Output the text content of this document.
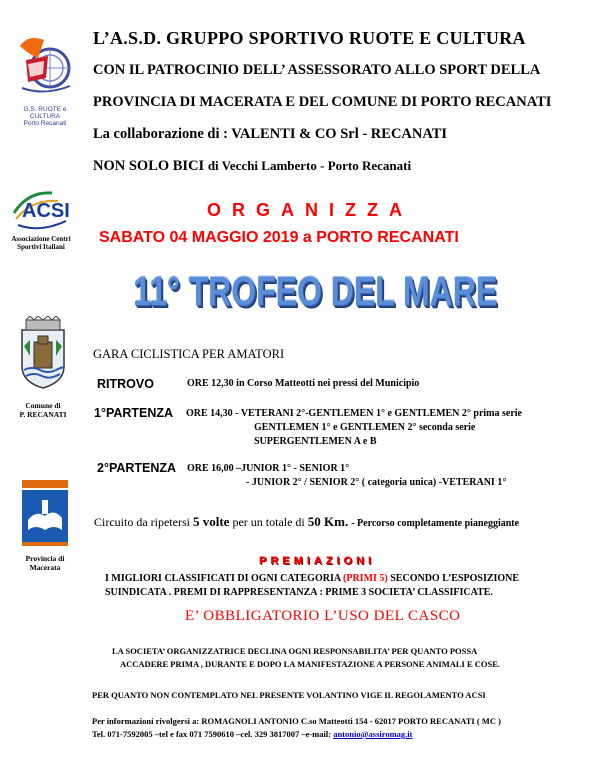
G.S. RUOTE e CULTURA
Porto Recanati
ACSI
Associazione Centri
Sportivi Italiani
Comune di
P. RECANATI
Provincia di
Macerata
L’A.S.D. GRUPPO SPORTIVO RUOTE E CULTURA
CON IL PATROCINIO DELL’ ASSESSORATO ALLO SPORT DELLA
PROVINCIA DI MACERATA E DEL COMUNE DI PORTO RECANATI
La collaborazione di : VALENTI & CO Srl - RECANATI
NON SOLO BICI di Vecchi Lamberto - Porto Recanati
ORGANIZZA
SABATO 04 MAGGIO 2019 a PORTO RECANATI
11° TROFEO DEL MARE
GARA CICLISTICA PER AMATORI
RITROVO	ORE 12,30 in Corso Matteotti nei pressi del Municipio
1°PARTENZA ORE 14,30 - VETERANI 2°-GENTLEMEN 1° e GENTLEMEN 2° prima serie
GENTLEMEN 1° e GENTLEMEN 2° seconda serie
SUPERGENTLEMEN A e B
2°PARTENZA ORE 16,00 –JUNIOR 1° - SENIOR 1°
- JUNIOR 2° / SENIOR 2° ( categoria unica) -VETERANI 1°
Circuito da ripetersi 5 volte per un totale di 50 Km. - Percorso completamente pianeggiante
PREMIAZIONI
I MIGLIORI CLASSIFICATI DI OGNI CATEGORIA (PRIMI 5) SECONDO L’ESPOSIZIONE
SUINDICATA . PREMI DI RAPPRESENTANZA : PRIME 3 SOCIETA’ CLASSIFICATE.
E’ OBBLIGATORIO L’USO DEL CASCO
LA SOCIETA’ ORGANIZZATRICE DECLINA OGNI RESPONSABILITA’ PER QUANTO POSSA
ACCADERE PRIMA , DURANTE E DOPO LA MANIFESTAZIONE A PERSONE ANIMALI E COSE.
PER QUANTO NON CONTEMPLATO NEL PRESENTE VOLANTINO VIGE IL REGOLAMENTO ACSI
Per informazioni rivolgersi a: ROMAGNOLI ANTONIO C.so Matteotti 154 - 62017 PORTO RECANATI ( MC )
Tel. 071-7592005 –tel e fax 071 7590610 –cel. 329 3817007 –e-mail: antonio@assiromag.it
